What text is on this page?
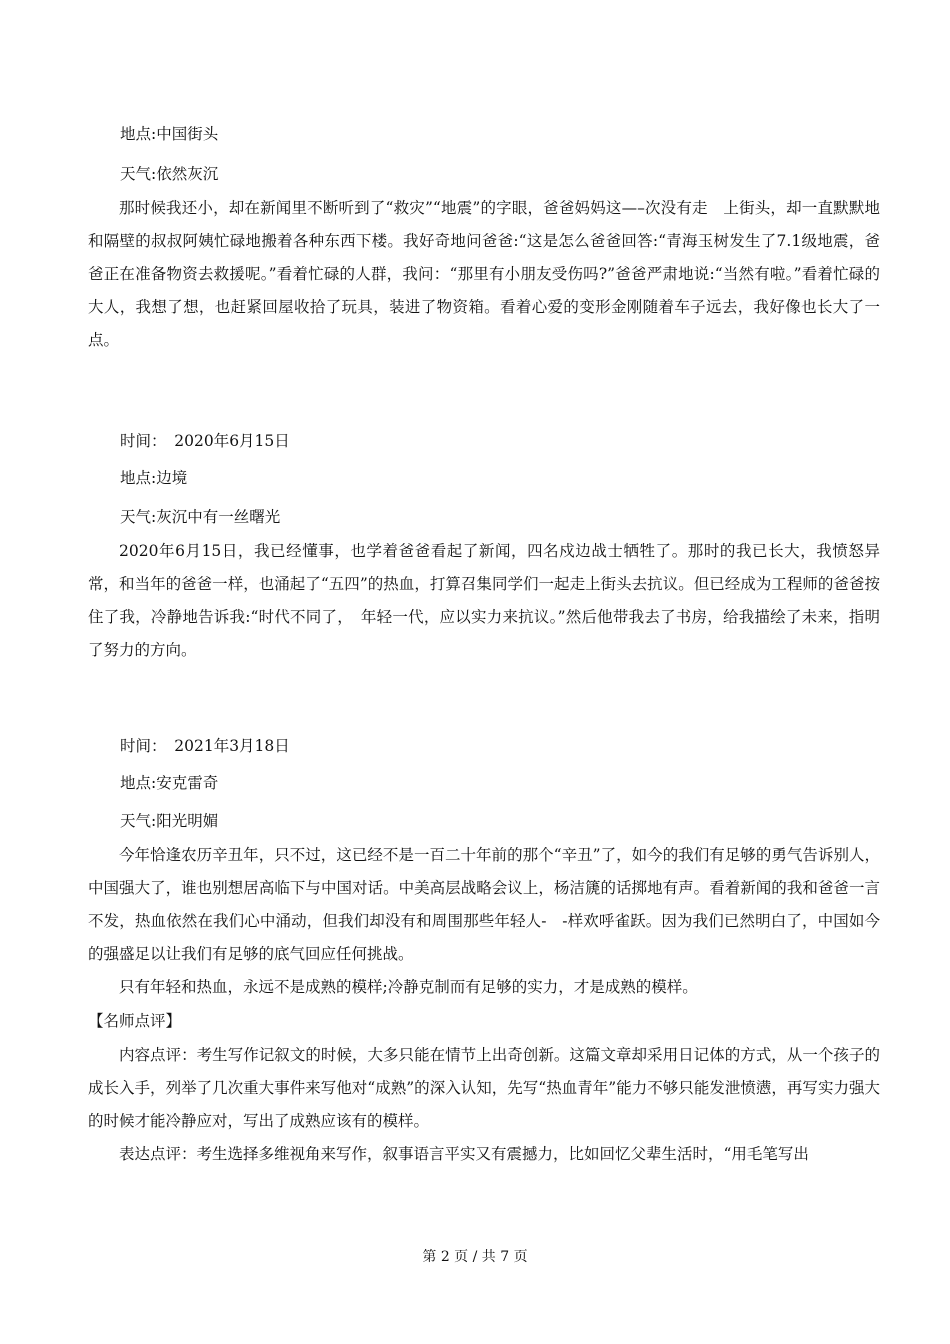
地点:中国街头
天气:依然灰沉

那时候我还小，却在新闻里不断听到了“救灾”“地震”的字眼，爸爸妈妈这—–次没有走　上街头，却一直默默地和隔壁的叔叔阿姨忙碌地搬着各种东西下楼。我好奇地问爸爸:“这是怎么爸爸回答:“青海玉树发生了7.1级地震，爸爸正在准备物资去救援呢。”看着忙碌的人群，我问：“那里有小朋友受伤吗?”爸爸严肃地说:“当然有啦。”看着忙碌的大人，我想了想，也赶紧回屋收拾了玩具，装进了物资箱。看着心爱的变形金刚随着车子远去，我好像也长大了一点。

时间：　2020年6月15日
地点:边境
天气:灰沉中有一丝曙光

2020年6月15日，我已经懂事，也学着爸爸看起了新闻，四名戍边战士牺牲了。那时的我已长大，我愤怒异常，和当年的爸爸一样，也涌起了“五四”的热血，打算召集同学们一起走上街头去抗议。但已经成为工程师的爸爸按住了我，冷静地告诉我:“时代不同了，　年轻一代，应以实力来抗议。”然后他带我去了书房，给我描绘了未来，指明了努力的方向。

时间：　2021年3月18日
地点:安克雷奇
天气:阳光明媚

今年恰逢农历辛丑年，只不过，这已经不是一百二十年前的那个“辛丑”了，如今的我们有足够的勇气告诉别人，中国强大了，谁也别想居高临下与中国对话。中美高层战略会议上，杨洁篪的话掷地有声。看着新闻的我和爸爸一言不发，热血依然在我们心中涌动，但我们却没有和周围那些年轻人-　-样欢呼雀跃。因为我们已然明白了，中国如今的强盛足以让我们有足够的底气回应任何挑战。

只有年轻和热血，永远不是成熟的模样;冷静克制而有足够的实力，才是成熟的模样。

【名师点评】

内容点评：考生写作记叙文的时候，大多只能在情节上出奇创新。这篇文章却采用日记体的方式，从一个孩子的成长入手，列举了几次重大事件来写他对“成熟”的深入认知，先写“热血青年”能力不够只能发泄愤懑，再写实力强大的时候才能冷静应对，写出了成熟应该有的模样。

表达点评：考生选择多维视角来写作，叙事语言平实又有震撼力，比如回忆父辈生活时，“用毛笔写出

第 2 页 / 共 7 页
